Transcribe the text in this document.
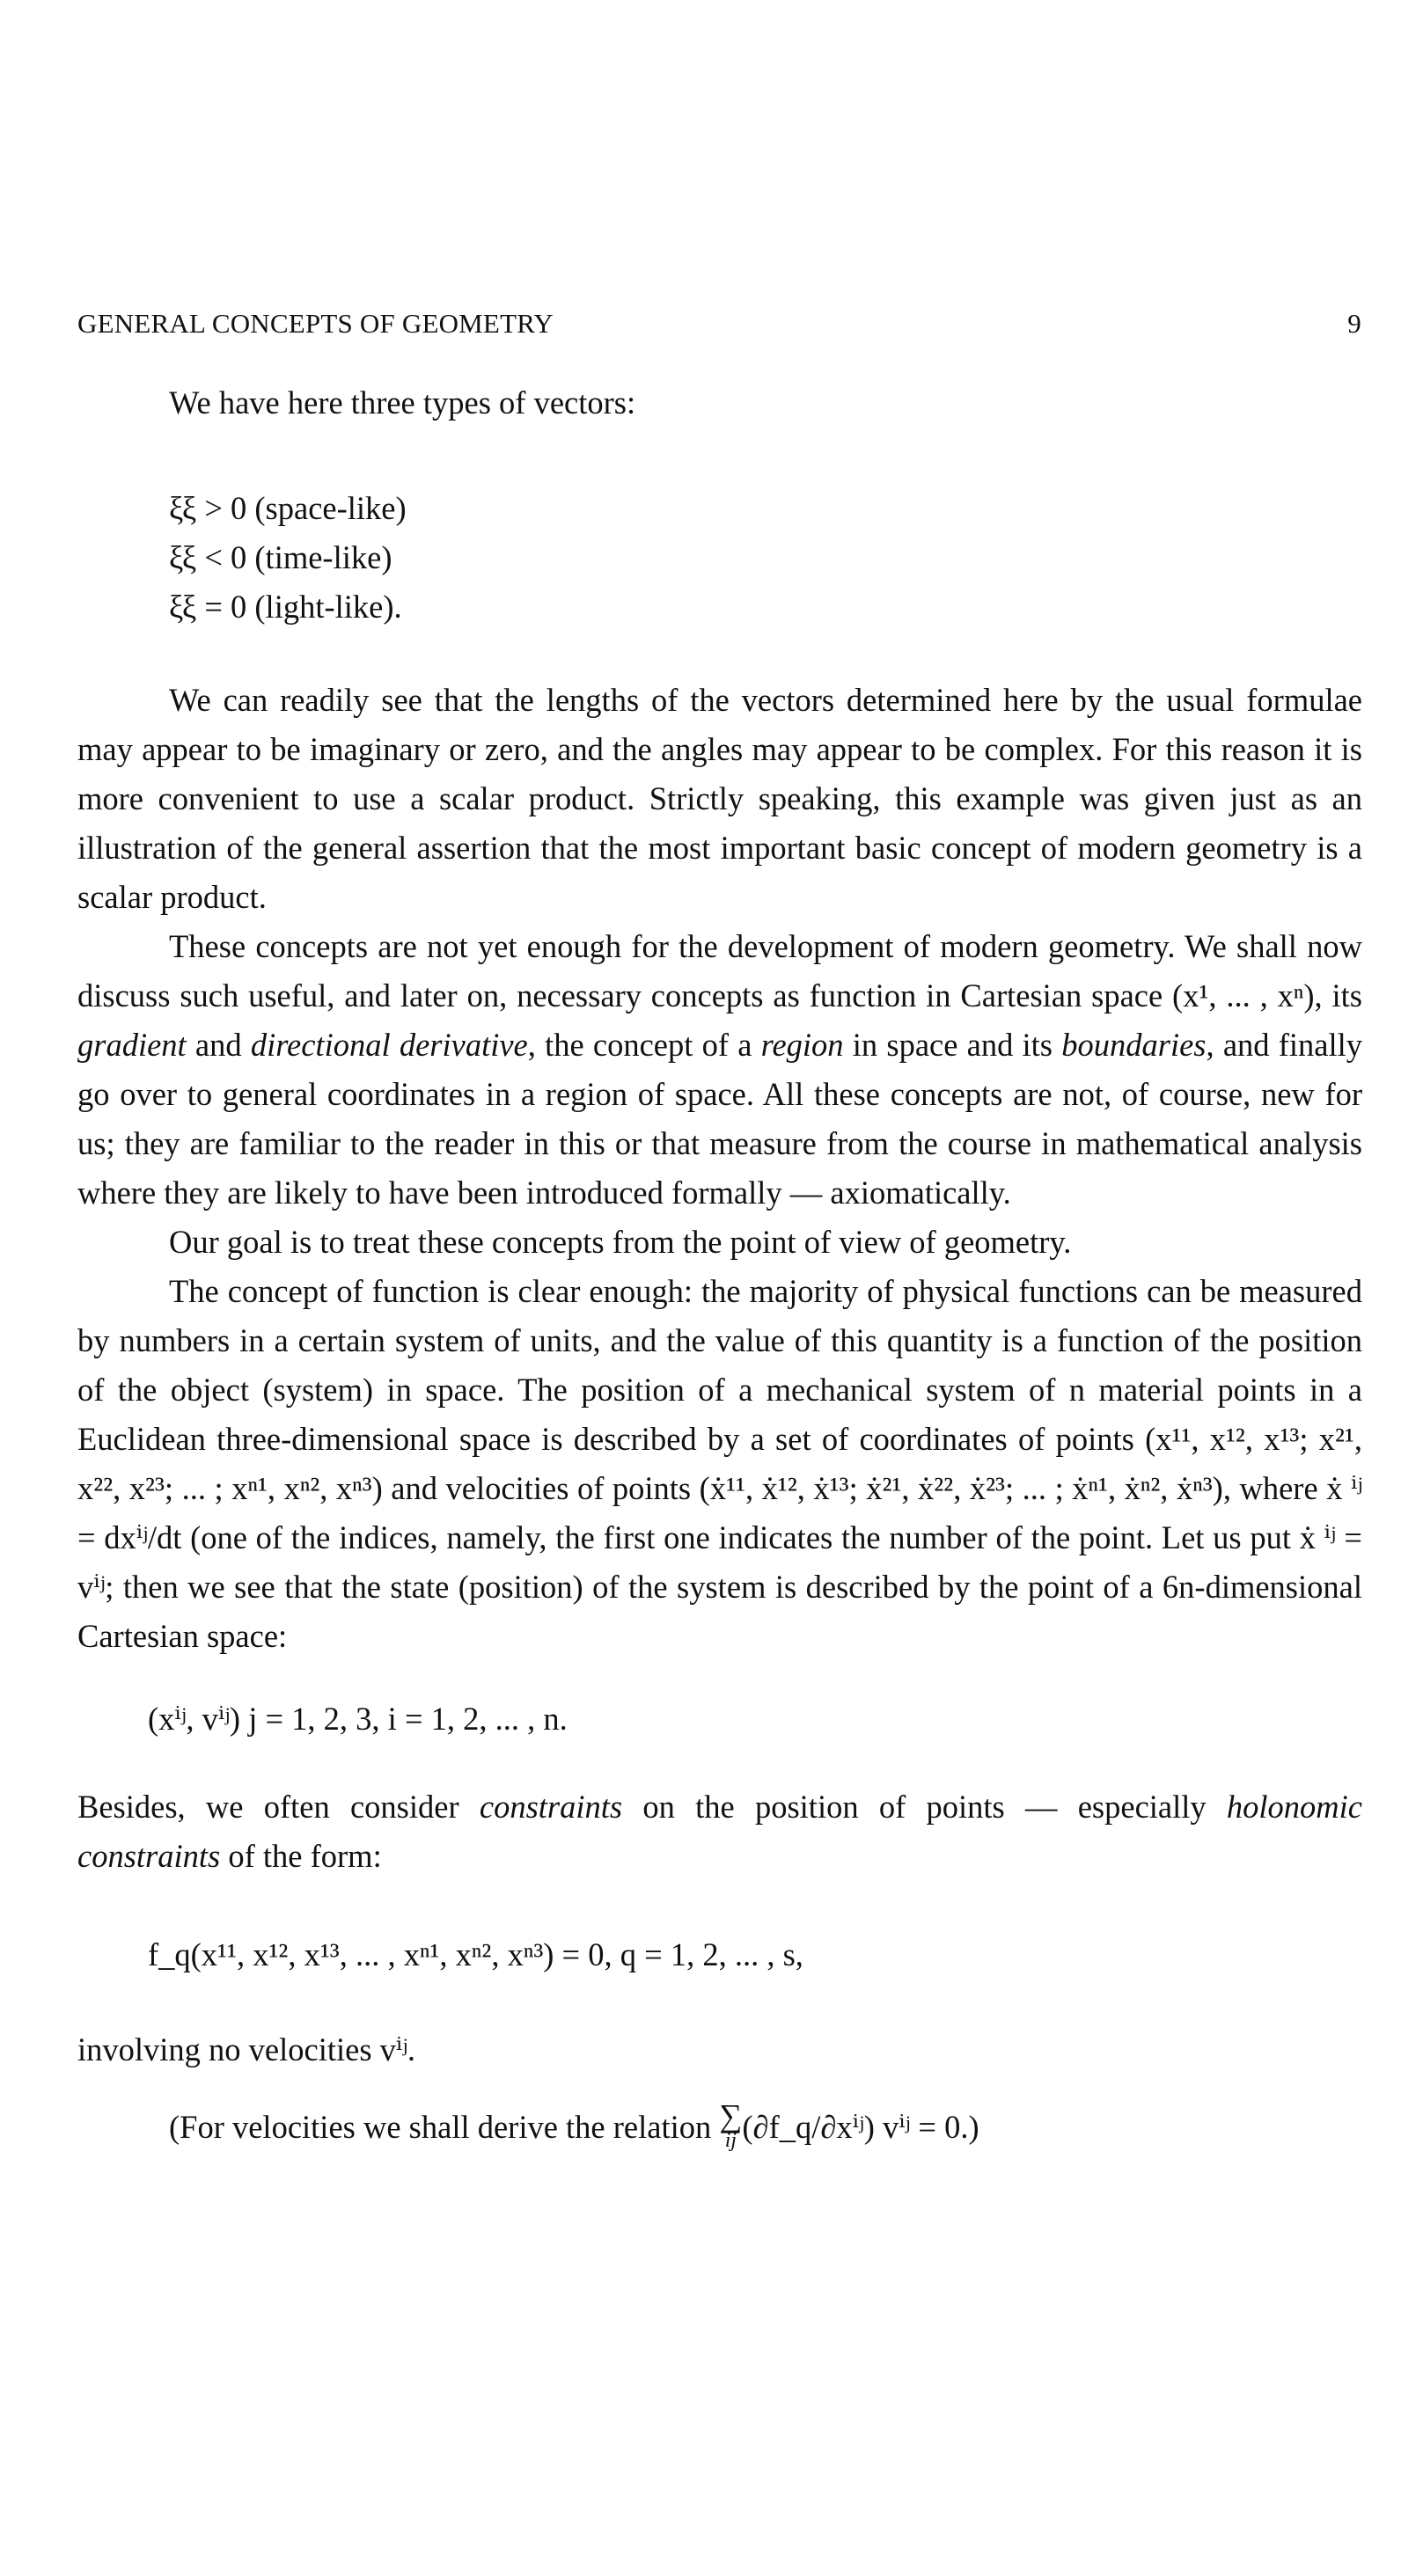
GENERAL CONCEPTS OF GEOMETRY	9

We have here three types of vectors:

ξξ > 0 (space-like)
ξξ < 0 (time-like)
ξξ = 0 (light-like).

We can readily see that the lengths of the vectors determined here by the usual formulae may appear to be imaginary or zero, and the angles may appear to be complex. For this reason it is more convenient to use a scalar product. Strictly speaking, this example was given just as an illustration of the general assertion that the most important basic concept of modern geometry is a scalar product.

These concepts are not yet enough for the development of modern geometry. We shall now discuss such useful, and later on, necessary concepts as function in Cartesian space (x¹, ... , xⁿ), its gradient and directional derivative, the concept of a region in space and its boundaries, and finally go over to general coordinates in a region of space. All these concepts are not, of course, new for us; they are familiar to the reader in this or that measure from the course in mathematical analysis where they are likely to have been introduced formally — axiomatically.

Our goal is to treat these concepts from the point of view of geometry.

The concept of function is clear enough: the majority of physical functions can be measured by numbers in a certain system of units, and the value of this quantity is a function of the position of the object (system) in space. The position of a mechanical system of n material points in a Euclidean three-dimensional space is described by a set of coordinates of points (x¹¹, x¹², x¹³; x²¹, x²², x²³; ... ; xⁿ¹, xⁿ², xⁿ³) and velocities of points (ẋ¹¹, ẋ¹², ẋ¹³; ẋ²¹, ẋ²², ẋ²³; ... ; ẋⁿ¹, ẋⁿ², ẋⁿ³), where ẋ ⁱʲ = dxⁱʲ/dt (one of the indices, namely, the first one indicates the number of the point. Let us put ẋ ⁱʲ = vⁱʲ; then we see that the state (position) of the system is described by the point of a 6n-dimensional Cartesian space:

(xⁱʲ, vⁱʲ) j = 1, 2, 3, i = 1, 2, ... , n.

Besides, we often consider constraints on the position of points — especially holonomic constraints of the form:

f_q(x¹¹, x¹², x¹³, ... , xⁿ¹, xⁿ², xⁿ³) = 0, q = 1, 2, ... , s,

involving no velocities vⁱʲ.

(For velocities we shall derive the relation ∑
ij (∂f_q/∂xⁱʲ) vⁱʲ = 0.)
